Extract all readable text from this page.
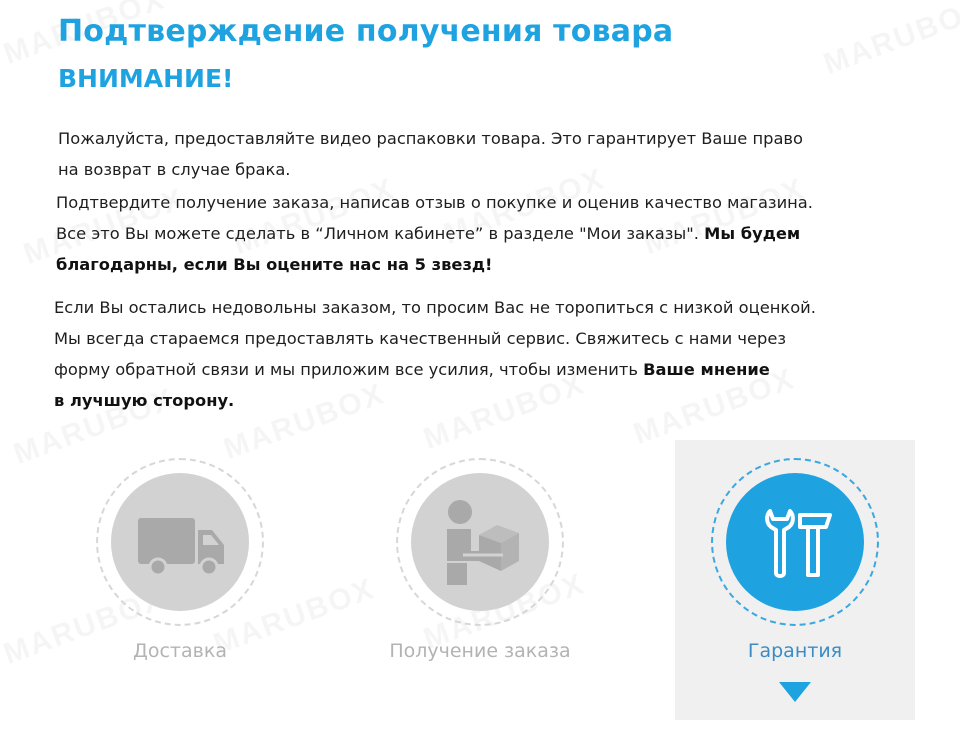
Подтверждение получения товара
ВНИМАНИЕ!

Пожалуйста, предоставляйте видео распаковки товара. Это гарантирует Ваше право
на возврат в случае брака.

Подтвердите получение заказа, написав отзыв о покупке и оценив качество магазина.
Все это Вы можете сделать в “Личном кабинете” в разделе "Мои заказы". Мы будем
благодарны, если Вы оцените нас на 5 звезд!

Если Вы остались недовольны заказом, то просим Вас не торопиться с низкой оценкой.
Мы всегда стараемся предоставлять качественный сервис. Свяжитесь с нами через
форму обратной связи и мы приложим все усилия, чтобы изменить Ваше мнение
в лучшую сторону.

Доставка	Получение заказа	Гарантия
